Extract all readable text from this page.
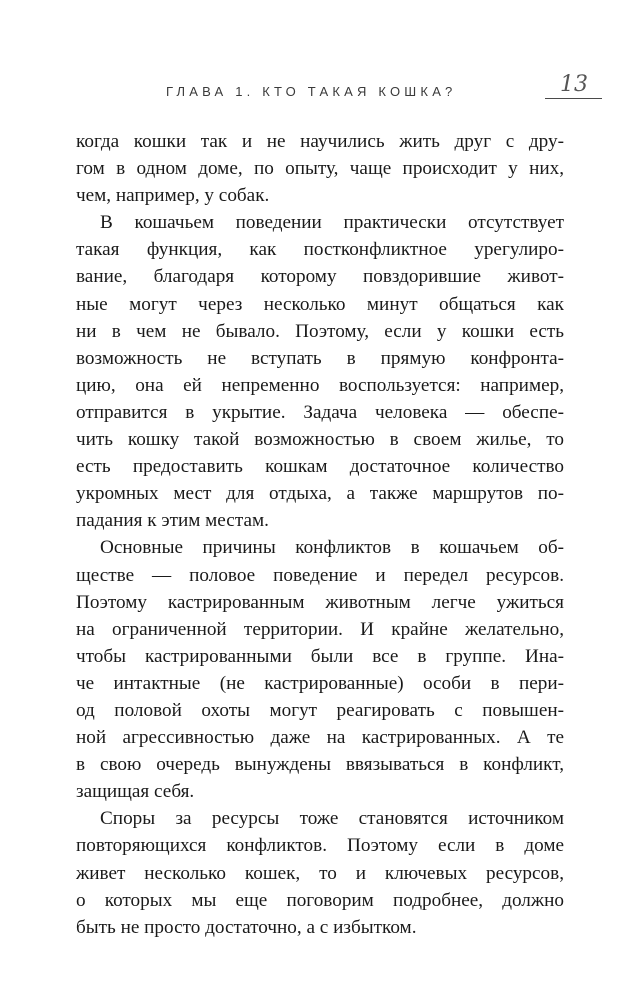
ГЛАВА 1. КТО ТАКАЯ КОШКА?	13

когда кошки так и не научились жить друг с дру-
гом в одном доме, по опыту, чаще происходит у них,
чем, например, у собак.

В кошачьем поведении практически отсутствует
такая функция, как постконфликтное урегулиро-
вание, благодаря которому повздорившие живот-
ные могут через несколько минут общаться как
ни в чем не бывало. Поэтому, если у кошки есть
возможность не вступать в прямую конфронта-
цию, она ей непременно воспользуется: например,
отправится в укрытие. Задача человека — обеспе-
чить кошку такой возможностью в своем жилье, то
есть предоставить кошкам достаточное количество
укромных мест для отдыха, а также маршрутов по-
падания к этим местам.

Основные причины конфликтов в кошачьем об-
ществе — половое поведение и передел ресурсов.
Поэтому кастрированным животным легче ужиться
на ограниченной территории. И крайне желательно,
чтобы кастрированными были все в группе. Ина-
че интактные (не кастрированные) особи в пери-
од половой охоты могут реагировать с повышен-
ной агрессивностью даже на кастрированных. А те
в свою очередь вынуждены ввязываться в конфликт,
защищая себя.

Споры за ресурсы тоже становятся источником
повторяющихся конфликтов. Поэтому если в доме
живет несколько кошек, то и ключевых ресурсов,
о которых мы еще поговорим подробнее, должно
быть не просто достаточно, а с избытком.
